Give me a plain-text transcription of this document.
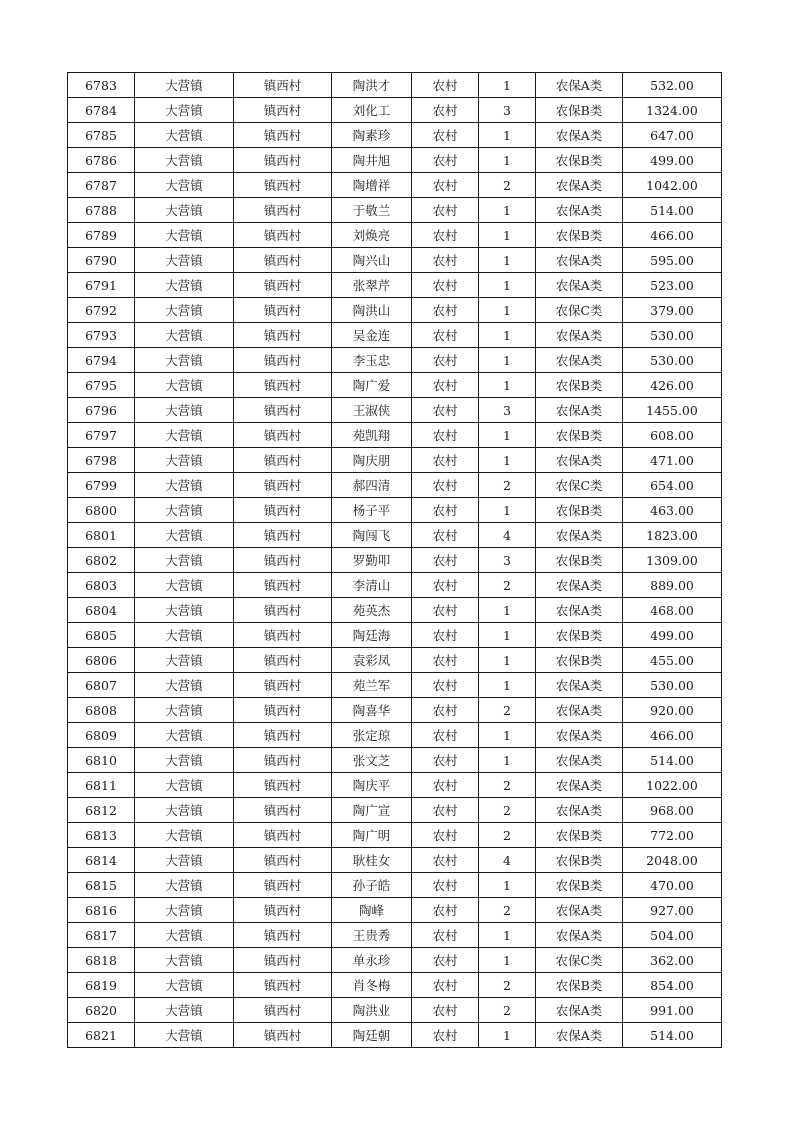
6783	大营镇	镇西村	陶洪才	农村	1	农保A类	532.00
6784	大营镇	镇西村	刘化工	农村	3	农保B类	1324.00
6785	大营镇	镇西村	陶素珍	农村	1	农保A类	647.00
6786	大营镇	镇西村	陶井旭	农村	1	农保B类	499.00
6787	大营镇	镇西村	陶增祥	农村	2	农保A类	1042.00
6788	大营镇	镇西村	于敬兰	农村	1	农保A类	514.00
6789	大营镇	镇西村	刘焕亮	农村	1	农保B类	466.00
6790	大营镇	镇西村	陶兴山	农村	1	农保A类	595.00
6791	大营镇	镇西村	张翠芹	农村	1	农保A类	523.00
6792	大营镇	镇西村	陶洪山	农村	1	农保C类	379.00
6793	大营镇	镇西村	吴金连	农村	1	农保A类	530.00
6794	大营镇	镇西村	李玉忠	农村	1	农保A类	530.00
6795	大营镇	镇西村	陶广爱	农村	1	农保B类	426.00
6796	大营镇	镇西村	王淑侠	农村	3	农保A类	1455.00
6797	大营镇	镇西村	苑凯翔	农村	1	农保B类	608.00
6798	大营镇	镇西村	陶庆朋	农村	1	农保A类	471.00
6799	大营镇	镇西村	郝四清	农村	2	农保C类	654.00
6800	大营镇	镇西村	杨子平	农村	1	农保B类	463.00
6801	大营镇	镇西村	陶闯飞	农村	4	农保A类	1823.00
6802	大营镇	镇西村	罗勤叩	农村	3	农保B类	1309.00
6803	大营镇	镇西村	李清山	农村	2	农保A类	889.00
6804	大营镇	镇西村	苑英杰	农村	1	农保A类	468.00
6805	大营镇	镇西村	陶廷海	农村	1	农保B类	499.00
6806	大营镇	镇西村	袁彩凤	农村	1	农保B类	455.00
6807	大营镇	镇西村	苑兰军	农村	1	农保A类	530.00
6808	大营镇	镇西村	陶喜华	农村	2	农保A类	920.00
6809	大营镇	镇西村	张定琼	农村	1	农保A类	466.00
6810	大营镇	镇西村	张文芝	农村	1	农保A类	514.00
6811	大营镇	镇西村	陶庆平	农村	2	农保A类	1022.00
6812	大营镇	镇西村	陶广宣	农村	2	农保A类	968.00
6813	大营镇	镇西村	陶广明	农村	2	农保B类	772.00
6814	大营镇	镇西村	耿桂女	农村	4	农保B类	2048.00
6815	大营镇	镇西村	孙子皓	农村	1	农保B类	470.00
6816	大营镇	镇西村	陶峰	农村	2	农保A类	927.00
6817	大营镇	镇西村	王贵秀	农村	1	农保A类	504.00
6818	大营镇	镇西村	单永珍	农村	1	农保C类	362.00
6819	大营镇	镇西村	肖冬梅	农村	2	农保B类	854.00
6820	大营镇	镇西村	陶洪业	农村	2	农保A类	991.00
6821	大营镇	镇西村	陶廷朝	农村	1	农保A类	514.00
